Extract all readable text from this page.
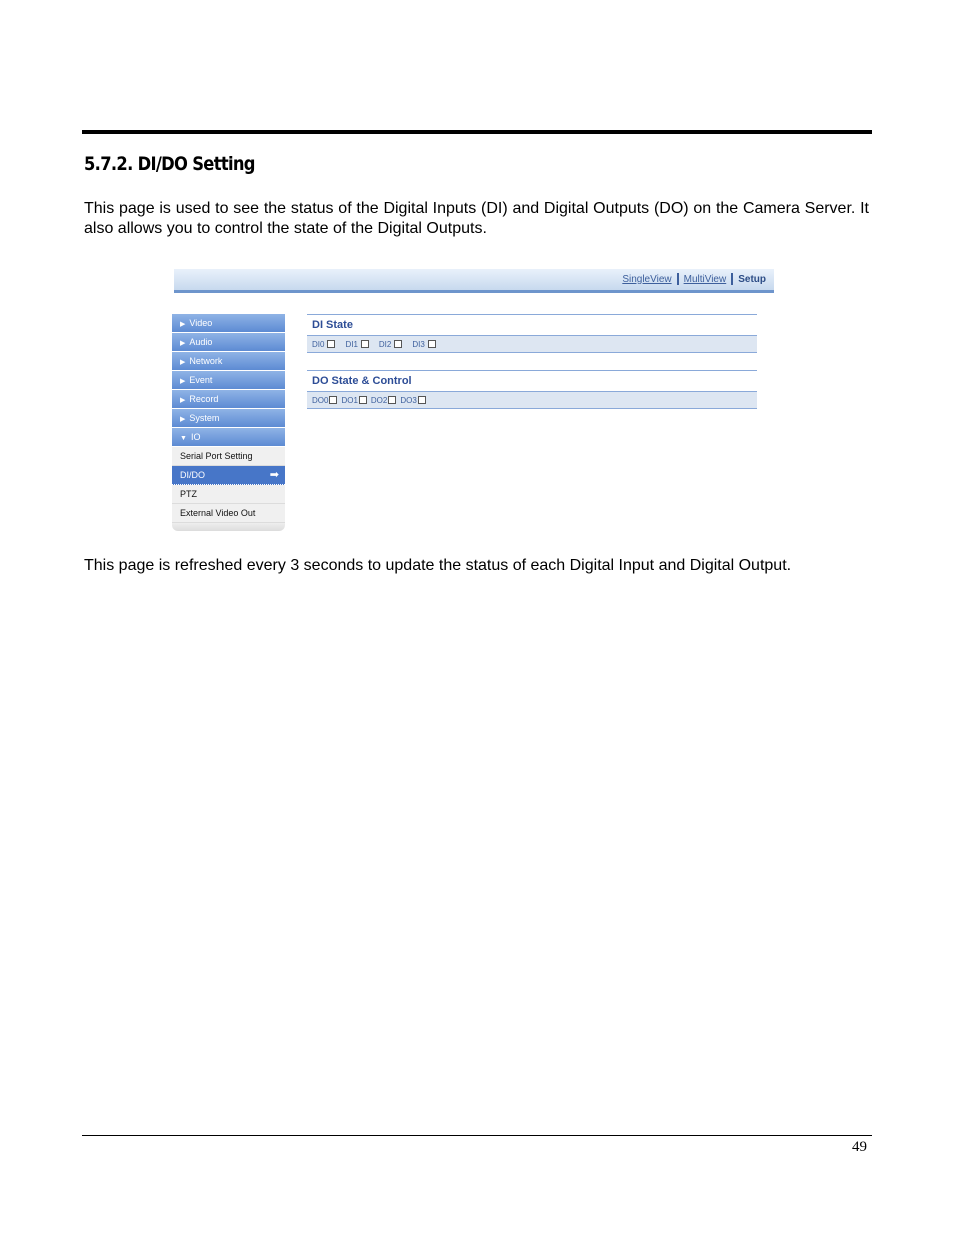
5.7.2. DI/DO Setting
This page is used to see the status of the Digital Inputs (DI) and Digital Outputs (DO) on the Camera Server. It also allows you to control the state of the Digital Outputs.
SingleView MultiView Setup
▶ Video
▶ Audio
▶ Network
▶ Event
▶ Record
▶ System
▼ IO
Serial Port Setting
DI/DO	➡
PTZ
External Video Out
DI State
DI0	DI1	DI2	DI3
DO State & Control
DO0 DO1 DO2 DO3
This page is refreshed every 3 seconds to update the status of each Digital Input and Digital Output.
49
